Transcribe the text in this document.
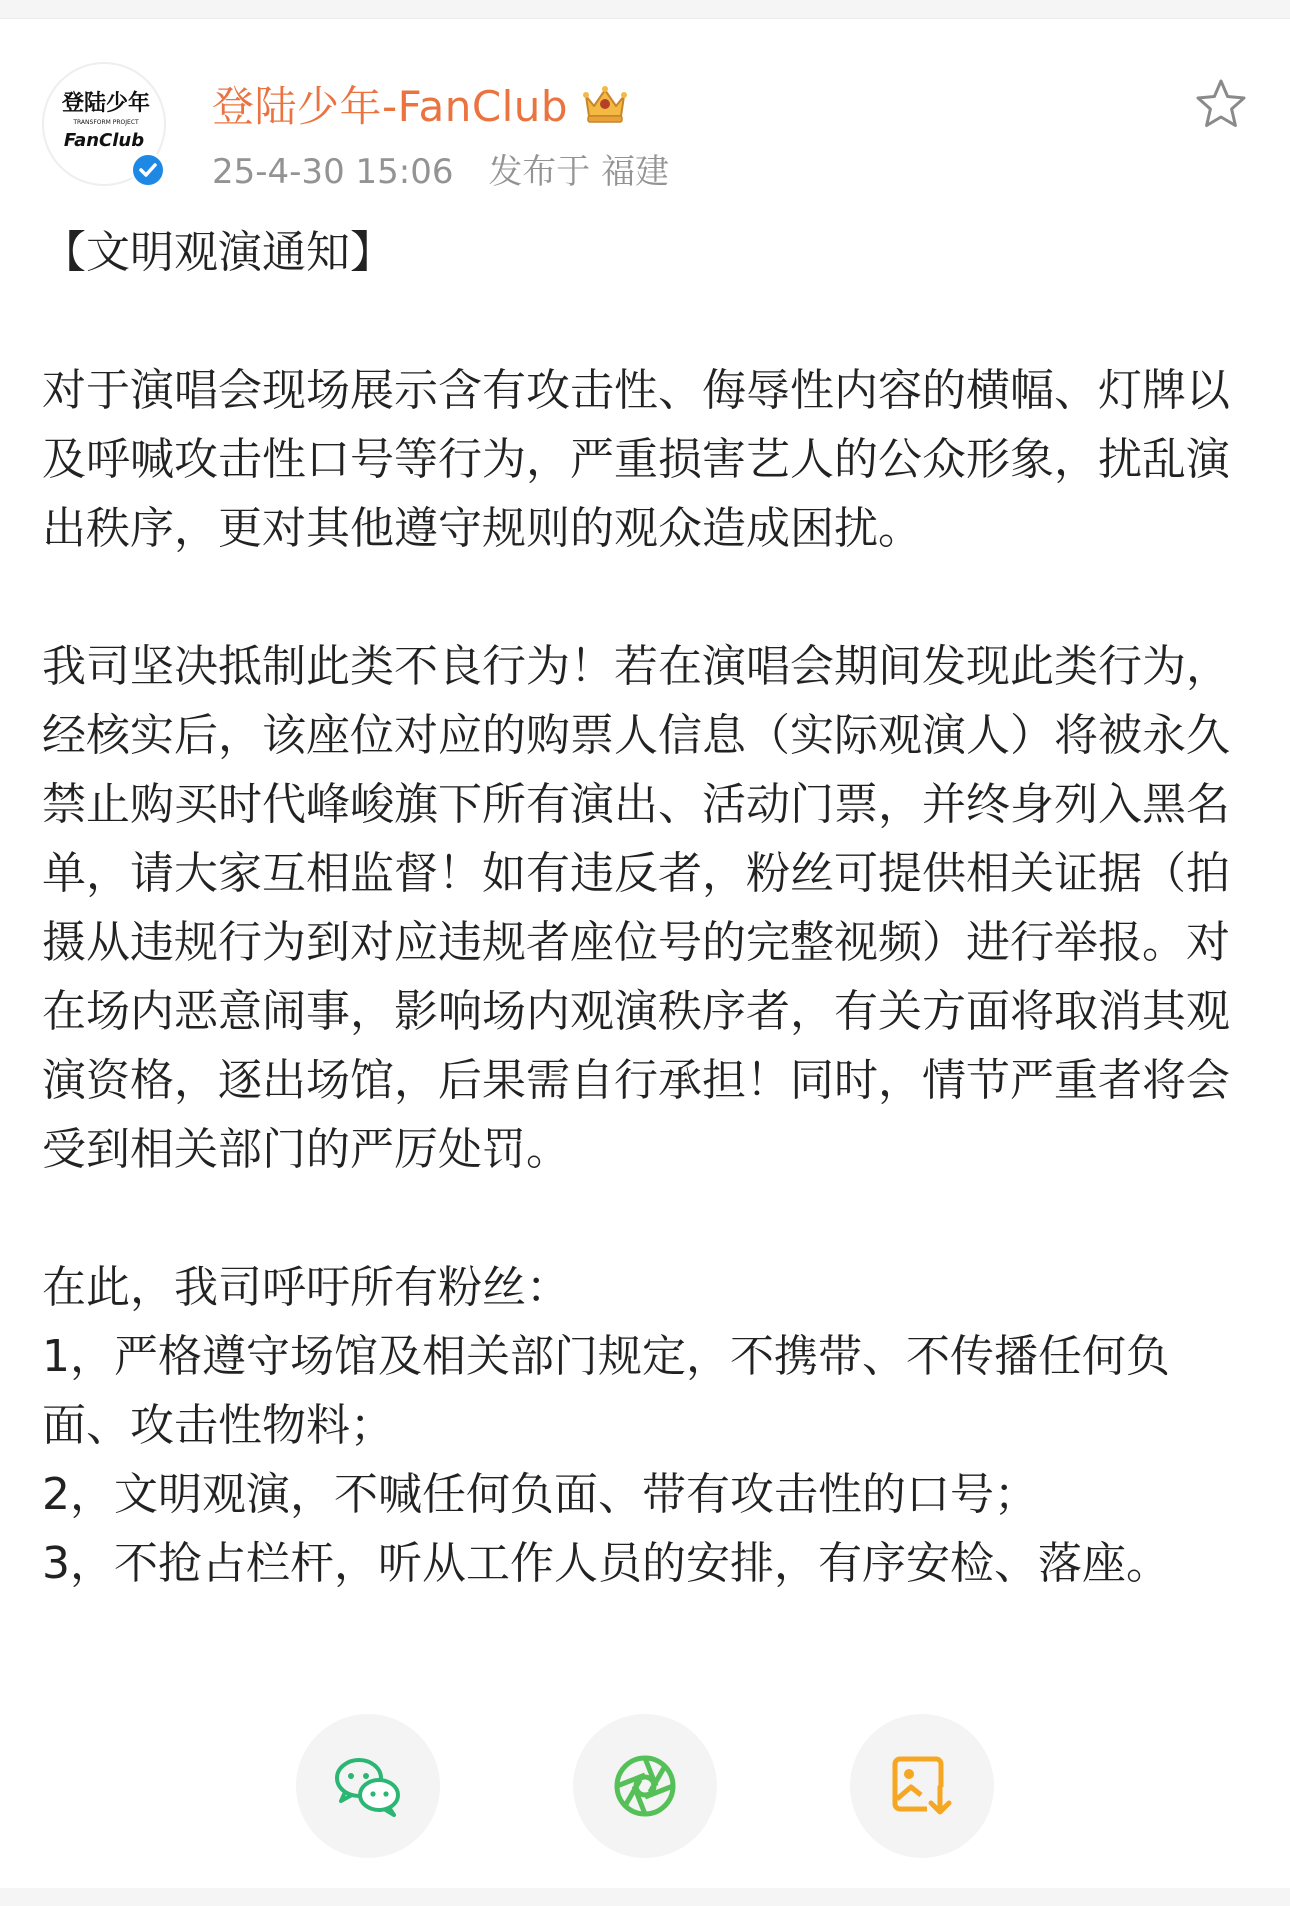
登陆少年
TRANSFORM PROJECT
FanClub
登陆少年-FanClub
25-4-30 15:06 发布于 福建

【文明观演通知】

对于演唱会现场展示含有攻击性、侮辱性内容的横幅、灯牌以及呼喊攻击性口号等行为，严重损害艺人的公众形象，扰乱演出秩序，更对其他遵守规则的观众造成困扰。

我司坚决抵制此类不良行为！若在演唱会期间发现此类行为，经核实后，该座位对应的购票人信息（实际观演人）将被永久禁止购买时代峰峻旗下所有演出、活动门票，并终身列入黑名单，请大家互相监督！如有违反者，粉丝可提供相关证据（拍摄从违规行为到对应违规者座位号的完整视频）进行举报。对在场内恶意闹事，影响场内观演秩序者，有关方面将取消其观演资格，逐出场馆，后果需自行承担！同时，情节严重者将会受到相关部门的严厉处罚。

在此，我司呼吁所有粉丝：

1，严格遵守场馆及相关部门规定，不携带、不传播任何负面、攻击性物料；

2，文明观演，不喊任何负面、带有攻击性的口号；

3，不抢占栏杆，听从工作人员的安排，有序安检、落座。
